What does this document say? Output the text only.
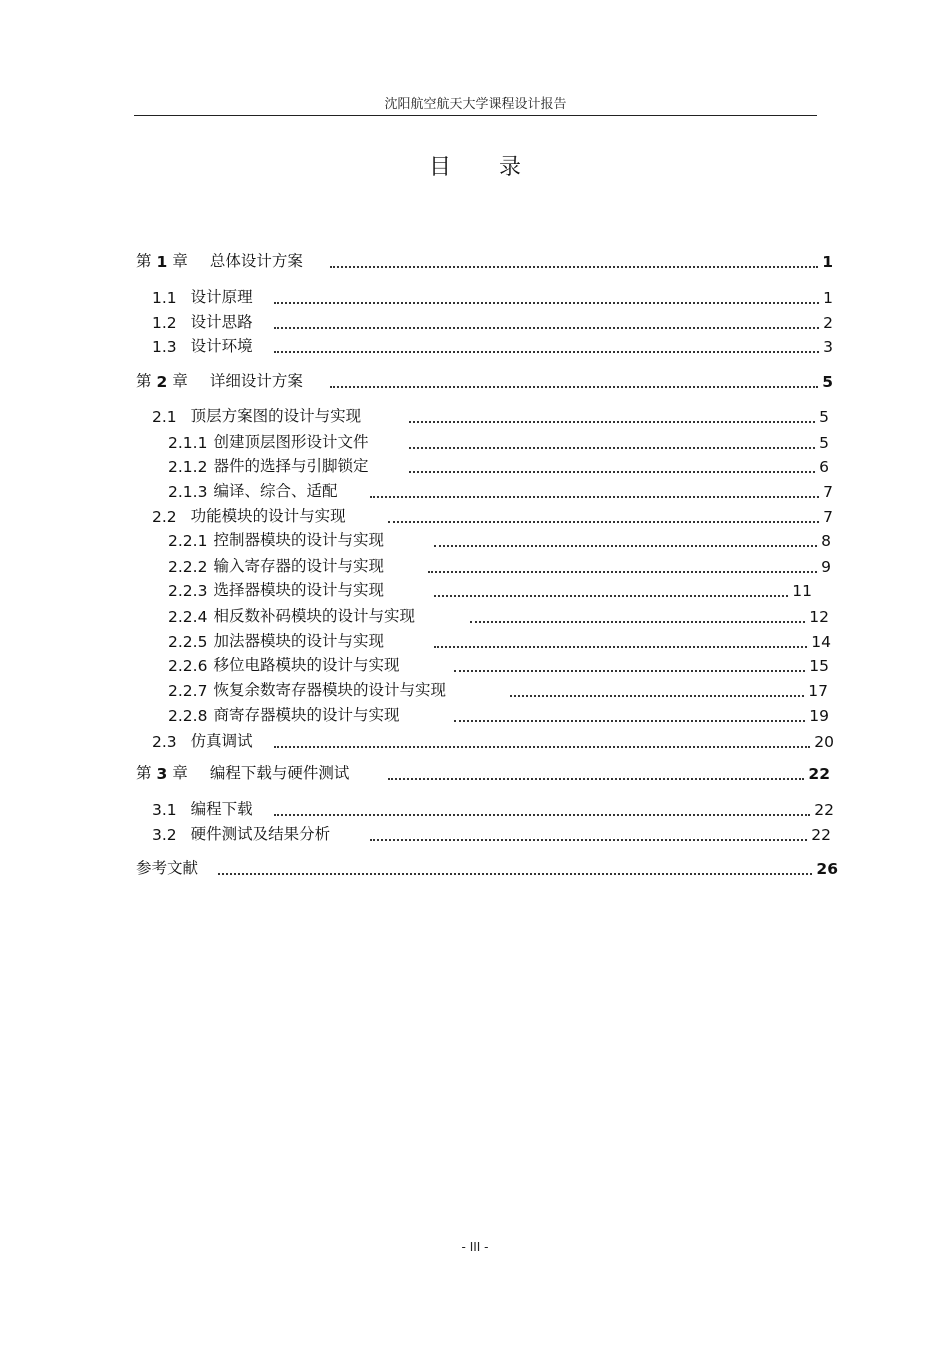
沈阳航空航天大学课程设计报告
目 录
第 1 章 总体设计方案	1
1.1 设计原理	1
1.2 设计思路	2
1.3 设计环境	3
第 2 章 详细设计方案	5
2.1 顶层方案图的设计与实现	5
2.1.1 创建顶层图形设计文件	5
2.1.2 器件的选择与引脚锁定	6
2.1.3 编译、综合、适配	7
2.2 功能模块的设计与实现	7
2.2.1 控制器模块的设计与实现	8
2.2.2 输入寄存器的设计与实现	9
2.2.3 选择器模块的设计与实现	11
2.2.4 相反数补码模块的设计与实现	12
2.2.5 加法器模块的设计与实现	14
2.2.6 移位电路模块的设计与实现	15
2.2.7 恢复余数寄存器模块的设计与实现	17
2.2.8 商寄存器模块的设计与实现	19
2.3 仿真调试	20
第 3 章 编程下载与硬件测试	22
3.1 编程下载	22
3.2 硬件测试及结果分析	22
参考文献	26
- III -
